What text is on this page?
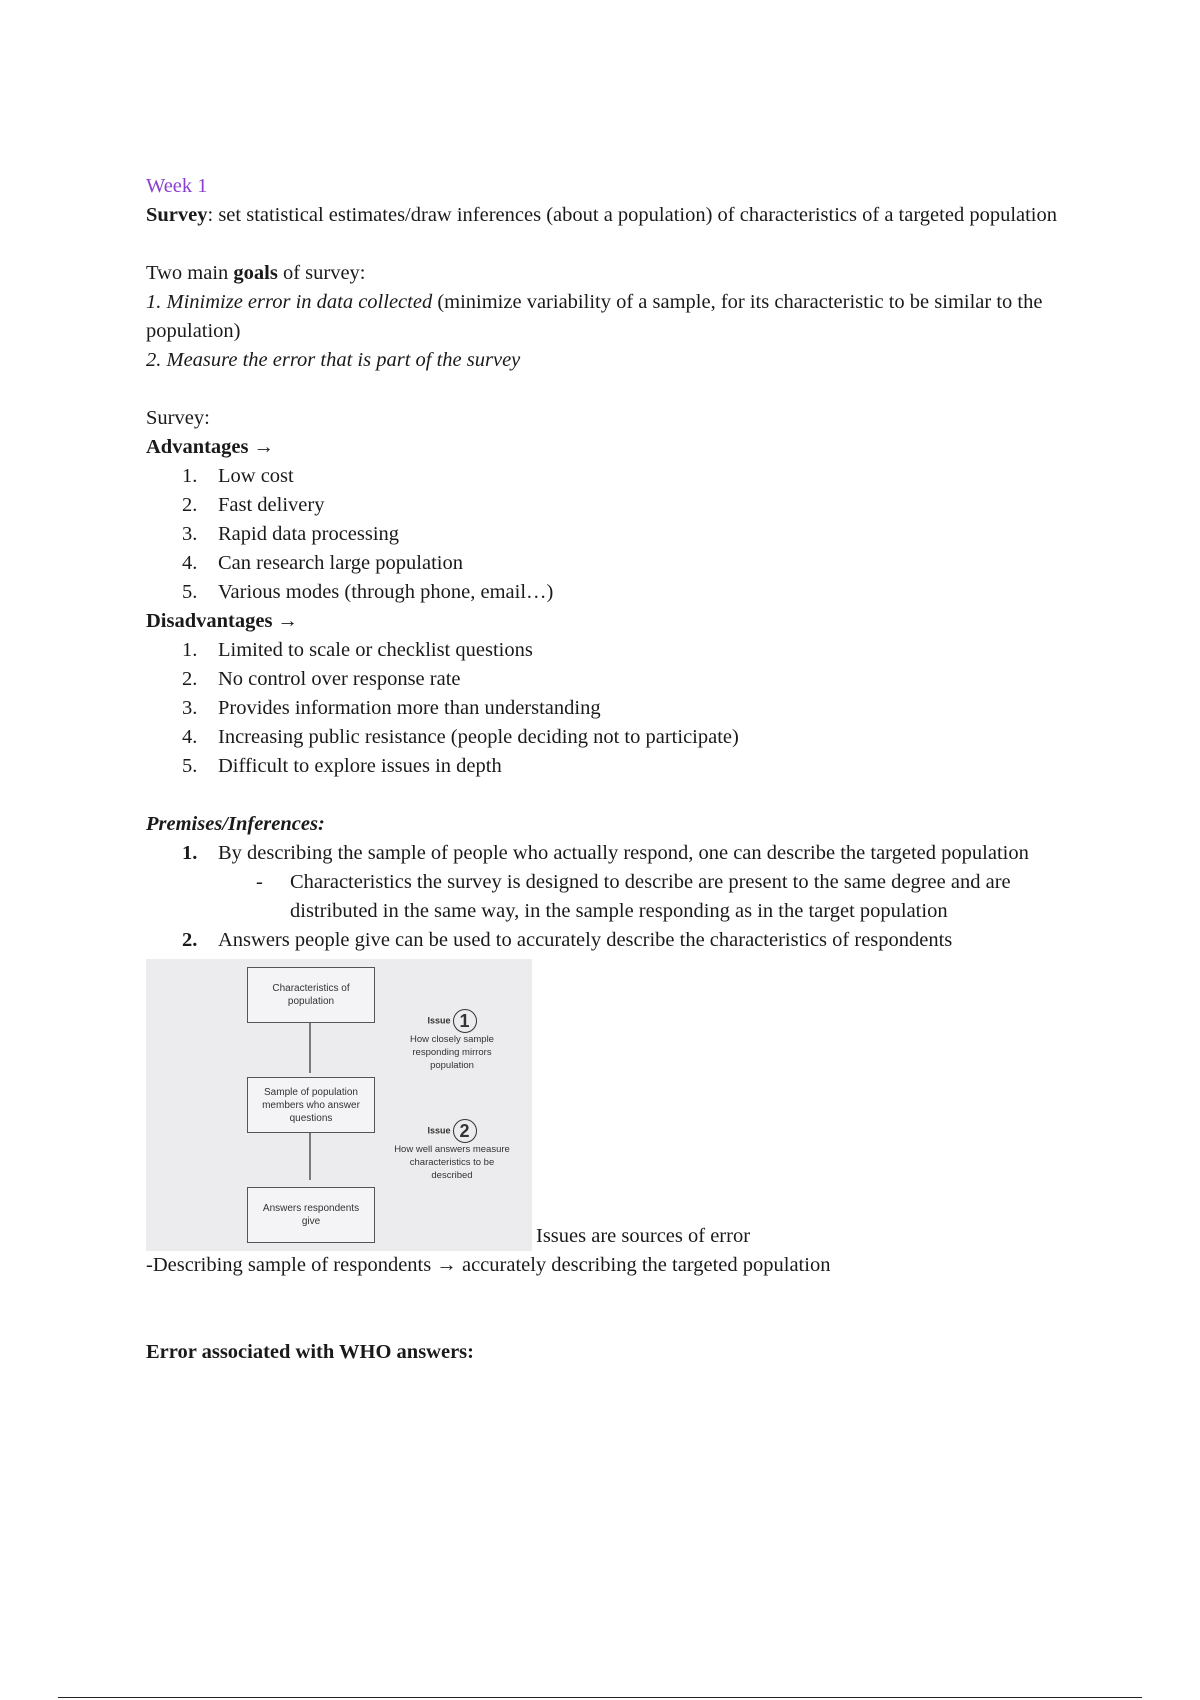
Week 1

Survey: set statistical estimates/draw inferences (about a population) of characteristics of a targeted population

Two main goals of survey:

1. Minimize error in data collected (minimize variability of a sample, for its characteristic to be similar to the population)

2. Measure the error that is part of the survey

Survey:

Advantages →

1.	Low cost
2.	Fast delivery
3.	Rapid data processing
4.	Can research large population
5.	Various modes (through phone, email…)

Disadvantages →

1.	Limited to scale or checklist questions
2.	No control over response rate
3.	Provides information more than understanding
4.	Increasing public resistance (people deciding not to participate)
5.	Difficult to explore issues in depth

Premises/Inferences:

1.	By describing the sample of people who actually respond, one can describe the targeted population
- Characteristics the survey is designed to describe are present to the same degree and are distributed in the same way, in the sample responding as in the target population
2.	Answers people give can be used to accurately describe the characteristics of respondents
Characteristics of population
Sample of population members who answer questions
Answers respondents give
Issue 1
How closely sample responding mirrors population
Issue 2
How well answers measure characteristics to be described
Issues are sources of error

-Describing sample of respondents → accurately describing the targeted population

Error associated with WHO answers:
